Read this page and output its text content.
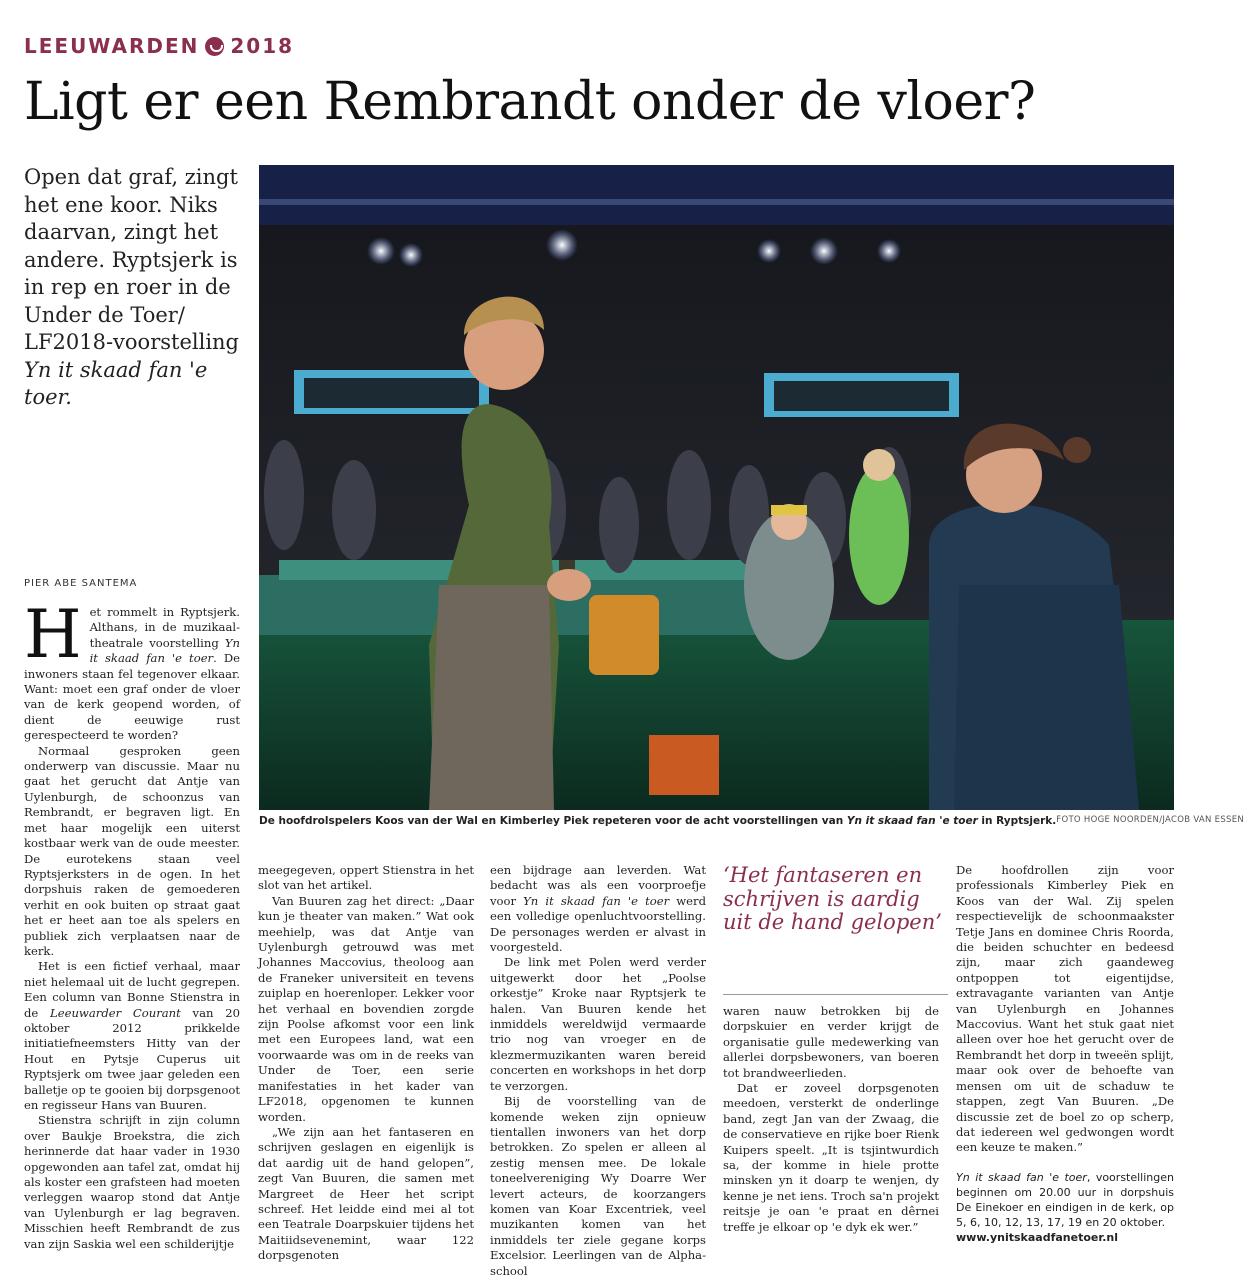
LEEUWARDEN 2018
Ligt er een Rembrandt onder de vloer?
Open dat graf, zingt het ene koor. Niks daarvan, zingt het andere. Ryptsjerk is in rep en roer in de Under de Toer/ LF2018-voorstelling Yn it skaad fan 'e toer.
De hoofdrolspelers Koos van der Wal en Kimberley Piek repeteren voor de acht voorstellingen van Yn it skaad fan 'e toer in Ryptsjerk. FOTO HOGE NOORDEN/JACOB VAN ESSEN
PIER ABE SANTEMA

Het rommelt in Ryptsjerk. Althans, in de muzikaal-theatrale voorstelling Yn it skaad fan 'e toer. De inwoners staan fel tegenover elkaar. Want: moet een graf onder de vloer van de kerk geopend worden, of dient de eeuwige rust gerespecteerd te worden?

Normaal gesproken geen onderwerp van discussie. Maar nu gaat het gerucht dat Antje van Uylenburgh, de schoonzus van Rembrandt, er begraven ligt. En met haar mogelijk een uiterst kostbaar werk van de oude meester. De eurotekens staan veel Ryptsjerksters in de ogen. In het dorpshuis raken de gemoederen verhit en ook buiten op straat gaat het er heet aan toe als spelers en publiek zich verplaatsen naar de kerk.

Het is een fictief verhaal, maar niet helemaal uit de lucht gegrepen. Een column van Bonne Stienstra in de Leeuwarder Courant van 20 oktober 2012 prikkelde initiatiefneemsters Hitty van der Hout en Pytsje Cuperus uit Ryptsjerk om twee jaar geleden een balletje op te gooien bij dorpsgenoot en regisseur Hans van Buuren.

Stienstra schrijft in zijn column over Baukje Broekstra, die zich herinnerde dat haar vader in 1930 opgewonden aan tafel zat, omdat hij als koster een grafsteen had moeten verleggen waarop stond dat Antje van Uylenburgh er lag begraven. Misschien heeft Rembrandt de zus van zijn Saskia wel een schilderijtje

meegegeven, oppert Stienstra in het slot van het artikel.

Van Buuren zag het direct: „Daar kun je theater van maken.” Wat ook meehielp, was dat Antje van Uylenburgh getrouwd was met Johannes Maccovius, theoloog aan de Franeker universiteit en tevens zuiplap en hoerenloper. Lekker voor het verhaal en bovendien zorgde zijn Poolse afkomst voor een link met een Europees land, wat een voorwaarde was om in de reeks van Under de Toer, een serie manifestaties in het kader van LF2018, opgenomen te kunnen worden.

„We zijn aan het fantaseren en schrijven geslagen en eigenlijk is dat aardig uit de hand gelopen”, zegt Van Buuren, die samen met Margreet de Heer het script schreef. Het leidde eind mei al tot een Teatrale Doarpskuier tijdens het Maitiidsevenemint, waar 122 dorpsgenoten

een bijdrage aan leverden. Wat bedacht was als een voorproefje voor Yn it skaad fan 'e toer werd een volledige openluchtvoorstelling. De personages werden er alvast in voorgesteld.

De link met Polen werd verder uitgewerkt door het „Poolse orkestje” Kroke naar Ryptsjerk te halen. Van Buuren kende het inmiddels wereldwijd vermaarde trio nog van vroeger en de klezmermuzikanten waren bereid concerten en workshops in het dorp te verzorgen.

Bij de voorstelling van de komende weken zijn opnieuw tientallen inwoners van het dorp betrokken. Zo spelen er alleen al zestig mensen mee. De lokale toneelvereniging Wy Doarre Wer levert acteurs, de koorzangers komen van Koar Excentriek, veel muzikanten komen van het inmiddels ter ziele gegane korps Excelsior. Leerlingen van de Alpha-school

‘Het fantaseren en schrijven is aardig uit de hand gelopen’

waren nauw betrokken bij de dorpskuier en verder krijgt de organisatie gulle medewerking van allerlei dorpsbewoners, van boeren tot brandweerlieden.

Dat er zoveel dorpsgenoten meedoen, versterkt de onderlinge band, zegt Jan van der Zwaag, die de conservatieve en rijke boer Rienk Kuipers speelt. „It is tsjintwurdich sa, der komme in hiele protte minsken yn it doarp te wenjen, dy kenne je net iens. Troch sa'n projekt reitsje je oan 'e praat en dêrnei treffe je elkoar op 'e dyk ek wer.”

De hoofdrollen zijn voor professionals Kimberley Piek en Koos van der Wal. Zij spelen respectievelijk de schoonmaakster Tetje Jans en dominee Chris Roorda, die beiden schuchter en bedeesd zijn, maar zich gaandeweg ontpoppen tot eigentijdse, extravagante varianten van Antje van Uylenburgh en Johannes Maccovius. Want het stuk gaat niet alleen over hoe het gerucht over de Rembrandt het dorp in tweeën splijt, maar ook over de behoefte van mensen om uit de schaduw te stappen, zegt Van Buuren. „De discussie zet de boel zo op scherp, dat iedereen wel gedwongen wordt een keuze te maken.”

Yn it skaad fan 'e toer, voorstellingen beginnen om 20.00 uur in dorpshuis De Einekoer en eindigen in de kerk, op 5, 6, 10, 12, 13, 17, 19 en 20 oktober.

www.ynitskaadfanetoer.nl
